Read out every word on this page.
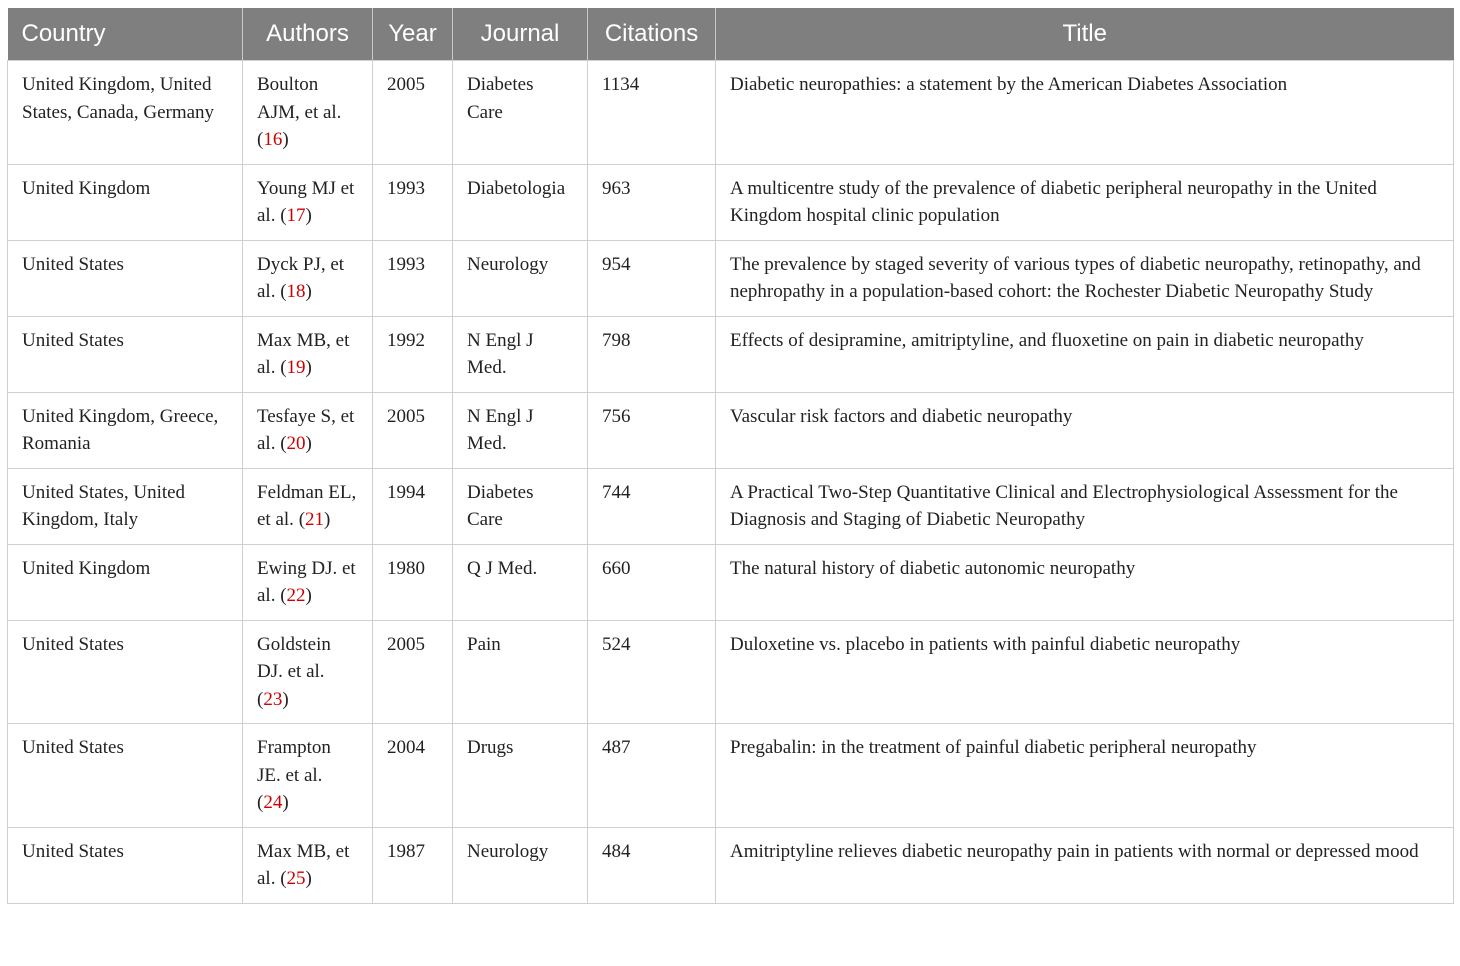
Country	Authors	Year	Journal	Citations	Title
United Kingdom, United States, Canada, Germany	Boulton AJM, et al. (16)	2005	Diabetes Care	1134	Diabetic neuropathies: a statement by the American Diabetes Association
United Kingdom	Young MJ et al. (17)	1993	Diabetologia	963	A multicentre study of the prevalence of diabetic peripheral neuropathy in the United Kingdom hospital clinic population
United States	Dyck PJ, et al. (18)	1993	Neurology	954	The prevalence by staged severity of various types of diabetic neuropathy, retinopathy, and nephropathy in a population-based cohort: the Rochester Diabetic Neuropathy Study
United States	Max MB, et al. (19)	1992	N Engl J Med.	798	Effects of desipramine, amitriptyline, and fluoxetine on pain in diabetic neuropathy
United Kingdom, Greece, Romania	Tesfaye S, et al. (20)	2005	N Engl J Med.	756	Vascular risk factors and diabetic neuropathy
United States, United Kingdom, Italy	Feldman EL, et al. (21)	1994	Diabetes Care	744	A Practical Two-Step Quantitative Clinical and Electrophysiological Assessment for the Diagnosis and Staging of Diabetic Neuropathy
United Kingdom	Ewing DJ. et al. (22)	1980	Q J Med.	660	The natural history of diabetic autonomic neuropathy
United States	Goldstein DJ. et al. (23)	2005	Pain	524	Duloxetine vs. placebo in patients with painful diabetic neuropathy
United States	Frampton JE. et al. (24)	2004	Drugs	487	Pregabalin: in the treatment of painful diabetic peripheral neuropathy
United States	Max MB, et al. (25)	1987	Neurology	484	Amitriptyline relieves diabetic neuropathy pain in patients with normal or depressed mood
